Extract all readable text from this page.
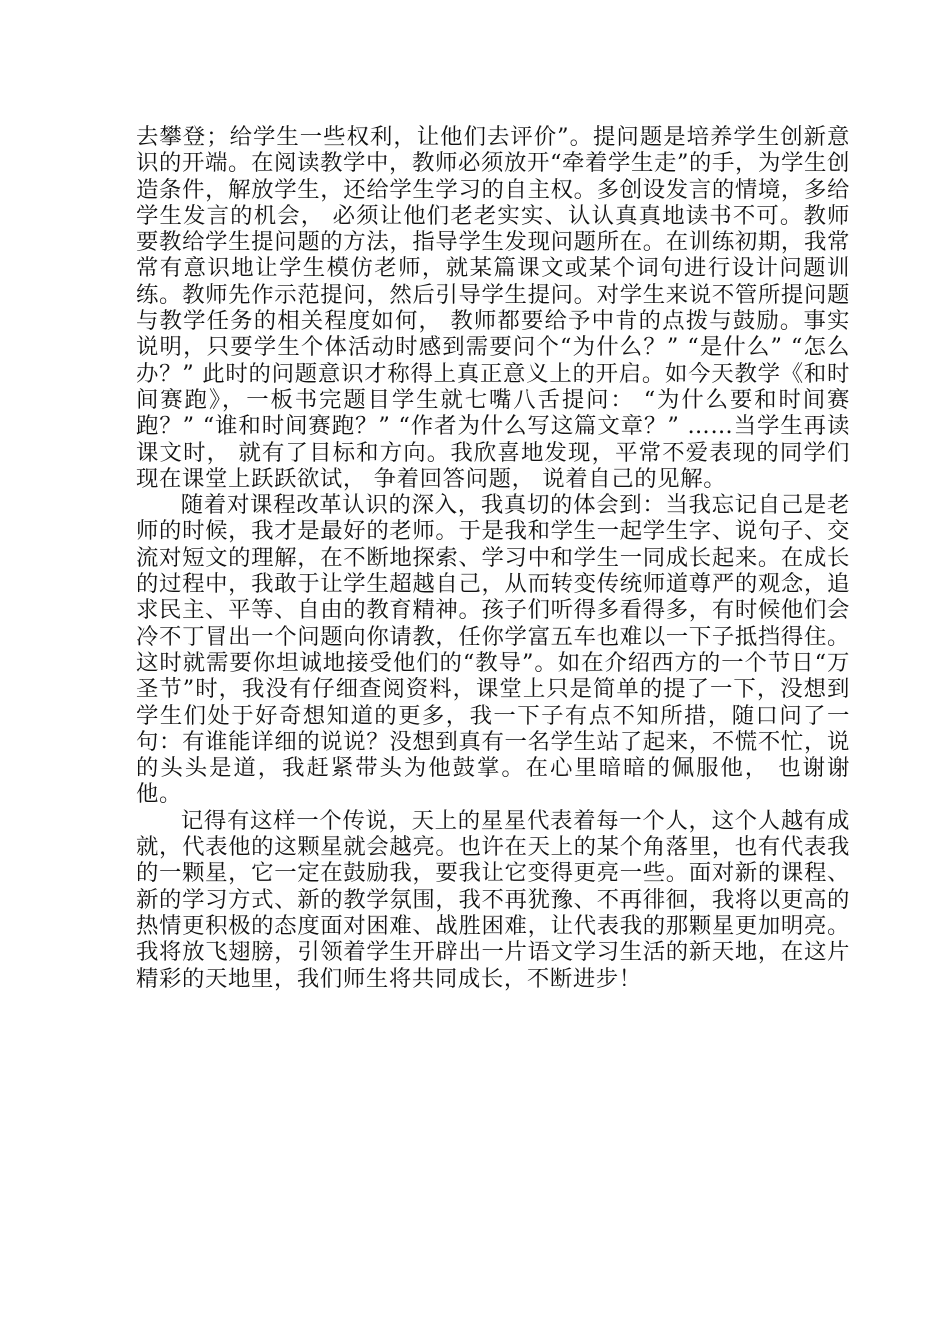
去攀登；给学生一些权利，让他们去评价”。提问题是培养学生创新意识的开端。在阅读教学中，教师必须放开“牵着学生走”的手，为学生创造条件，解放学生，还给学生学习的自主权。多创设发言的情境，多给学生发言的机会， 必须让他们老老实实、认认真真地读书不可。教师要教给学生提问题的方法，指导学生发现问题所在。在训练初期，我常常有意识地让学生模仿老师，就某篇课文或某个词句进行设计问题训练。教师先作示范提问，然后引导学生提问。对学生来说不管所提问题与教学任务的相关程度如何， 教师都要给予中肯的点拨与鼓励。事实说明，只要学生个体活动时感到需要问个“为什么？” “是什么” “怎么办？” 此时的问题意识才称得上真正意义上的开启。如今天教学《和时间赛跑》，一板书完题目学生就七嘴八舌提问： “为什么要和时间赛跑？” “谁和时间赛跑？” “作者为什么写这篇文章？” ……当学生再读课文时， 就有了目标和方向。我欣喜地发现，平常不爱表现的同学们现在课堂上跃跃欲试， 争着回答问题， 说着自己的见解。

随着对课程改革认识的深入，我真切的体会到：当我忘记自己是老师的时候，我才是最好的老师。于是我和学生一起学生字、说句子、交流对短文的理解，在不断地探索、学习中和学生一同成长起来。在成长的过程中，我敢于让学生超越自己，从而转变传统师道尊严的观念，追求民主、平等、自由的教育精神。孩子们听得多看得多，有时候他们会冷不丁冒出一个问题向你请教，任你学富五车也难以一下子抵挡得住。这时就需要你坦诚地接受他们的“教导”。如在介绍西方的一个节日“万圣节”时，我没有仔细查阅资料，课堂上只是简单的提了一下，没想到学生们处于好奇想知道的更多，我一下子有点不知所措，随口问了一句：有谁能详细的说说？没想到真有一名学生站了起来，不慌不忙，说的头头是道，我赶紧带头为他鼓掌。在心里暗暗的佩服他， 也谢谢他。

记得有这样一个传说，天上的星星代表着每一个人，这个人越有成就，代表他的这颗星就会越亮。也许在天上的某个角落里，也有代表我的一颗星，它一定在鼓励我，要我让它变得更亮一些。面对新的课程、新的学习方式、新的教学氛围，我不再犹豫、不再徘徊，我将以更高的热情更积极的态度面对困难、战胜困难，让代表我的那颗星更加明亮。我将放飞翅膀，引领着学生开辟出一片语文学习生活的新天地，在这片精彩的天地里，我们师生将共同成长，不断进步！
